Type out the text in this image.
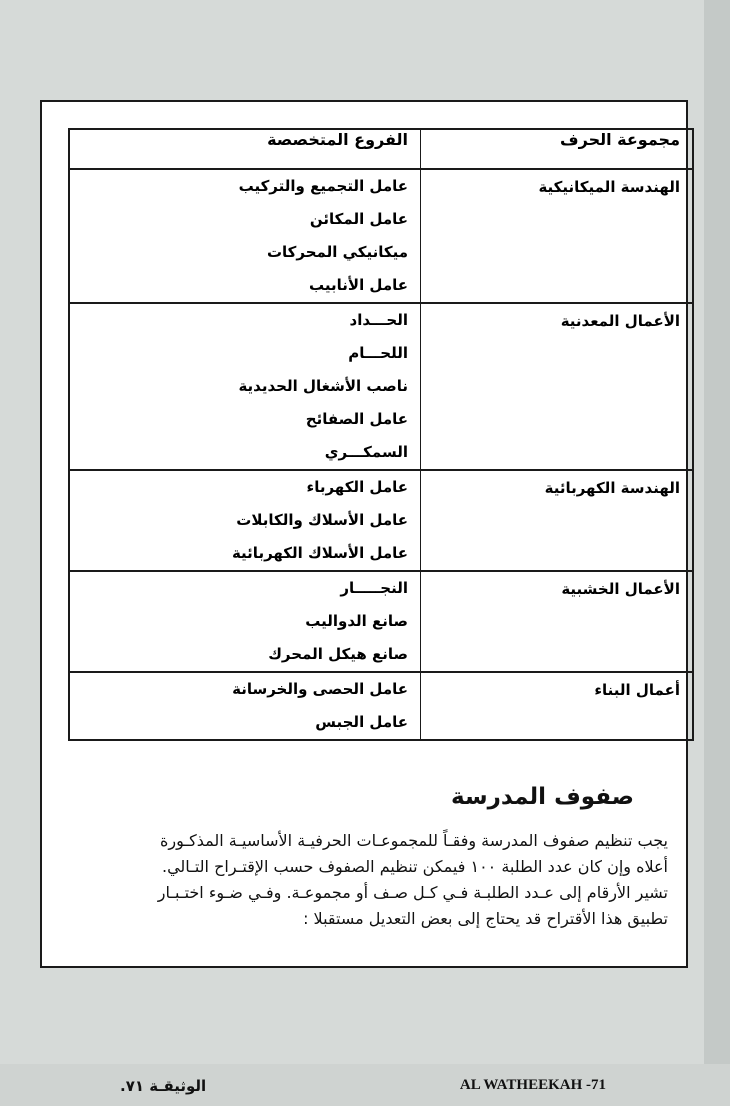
مجموعة الحرف	الفروع المتخصصة
الهندسة الميكانيكية	عامل التجميع والتركيب
عامل المكائن
ميكانيكي المحركات
عامل الأنابيب

الأعمال المعدنية	الحـــداد
اللحـــام
ناصب الأشغال الحديدية
عامل الصفائح
السمكـــري

الهندسة الكهربائية	عامل الكهرباء
عامل الأسلاك والكابلات
عامل الأسلاك الكهربائية

الأعمال الخشبية	النجـــــار
صانع الدواليب
صانع هيكل المحرك

أعمال البناء	عامل الحصى والخرسانة
عامل الجبس
صفوف المدرسة

يجب تنظيم صفوف المدرسة وفقـاً للمجموعـات الحرفيـة الأساسيـة المذكـورة

أعلاه وإن كان عدد الطلبة ١٠٠ فيمكن تنظيم الصفوف حسب الإقتـراح التـالي.

تشير الأرقام إلى عـدد الطلبـة فـي كـل صـف أو مجموعـة. وفـي ضـوء اختـبـار

تطبيق هذا الأقتراح قد يحتاج إلى بعض التعديل مستقبلا :

الوثيقـة ٧١.	AL WATHEEKAH -71
